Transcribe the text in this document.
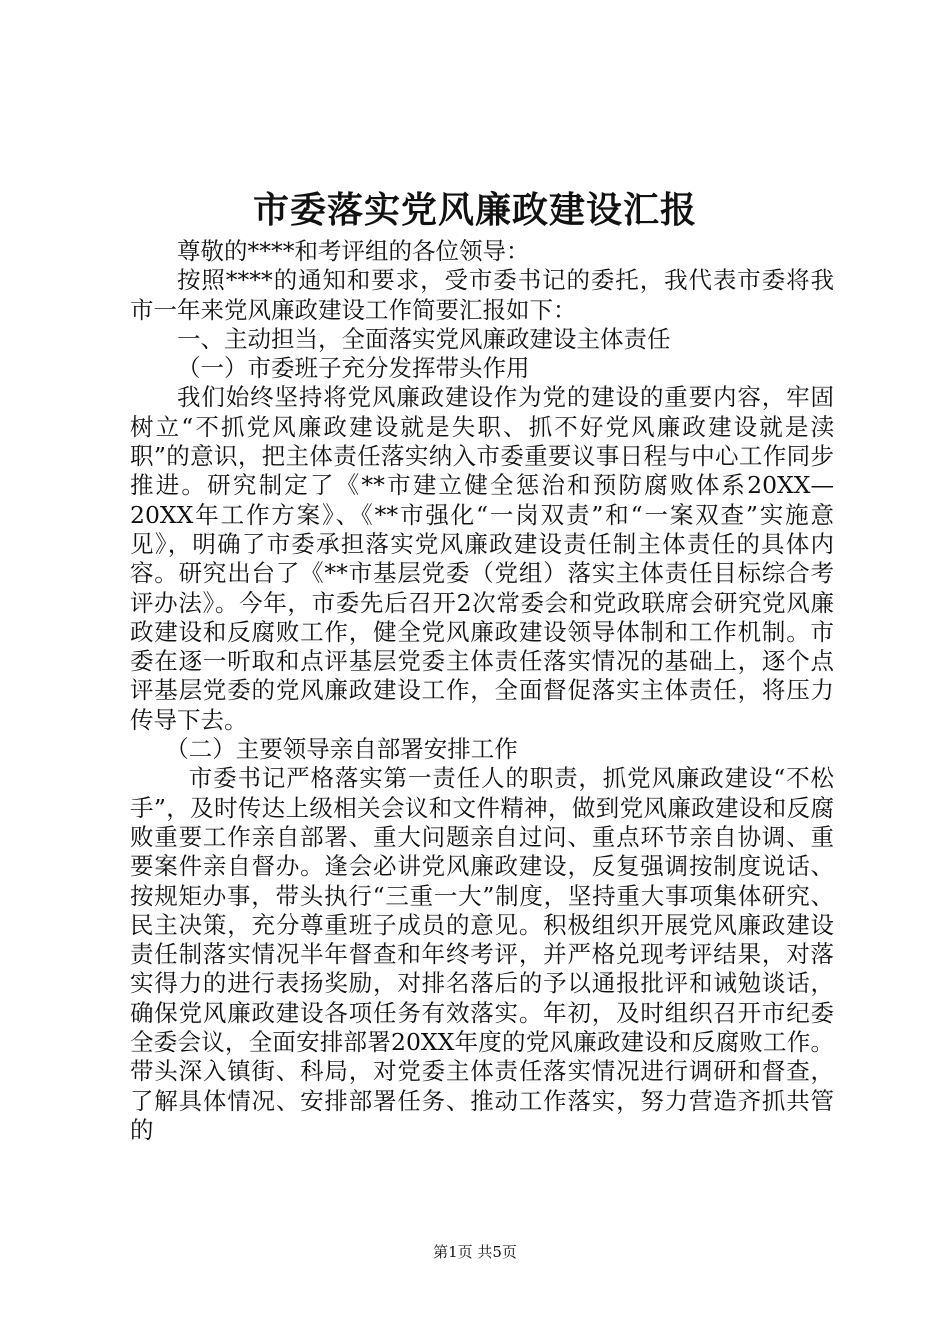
市委落实党风廉政建设汇报

尊敬的****和考评组的各位领导：

按照****的通知和要求，受市委书记的委托，我代表市委将我市一年来党风廉政建设工作简要汇报如下：

一、主动担当，全面落实党风廉政建设主体责任

（一）市委班子充分发挥带头作用

我们始终坚持将党风廉政建设作为党的建设的重要内容，牢固树立“不抓党风廉政建设就是失职、抓不好党风廉政建设就是渎职”的意识，把主体责任落实纳入市委重要议事日程与中心工作同步推进。研究制定了《**市建立健全惩治和预防腐败体系20XX—20XX年工作方案》、《**市强化“一岗双责”和“一案双查”实施意见》，明确了市委承担落实党风廉政建设责任制主体责任的具体内容。研究出台了《**市基层党委（党组）落实主体责任目标综合考评办法》。今年，市委先后召开2次常委会和党政联席会研究党风廉政建设和反腐败工作，健全党风廉政建设领导体制和工作机制。市委在逐一听取和点评基层党委主体责任落实情况的基础上，逐个点评基层党委的党风廉政建设工作，全面督促落实主体责任，将压力传导下去。

（二）主要领导亲自部署安排工作

市委书记严格落实第一责任人的职责，抓党风廉政建设“不松手”，及时传达上级相关会议和文件精神，做到党风廉政建设和反腐败重要工作亲自部署、重大问题亲自过问、重点环节亲自协调、重要案件亲自督办。逢会必讲党风廉政建设，反复强调按制度说话、按规矩办事，带头执行“三重一大”制度，坚持重大事项集体研究、民主决策，充分尊重班子成员的意见。积极组织开展党风廉政建设责任制落实情况半年督查和年终考评，并严格兑现考评结果，对落实得力的进行表扬奖励，对排名落后的予以通报批评和诫勉谈话，确保党风廉政建设各项任务有效落实。年初，及时组织召开市纪委全委会议，全面安排部署20XX年度的党风廉政建设和反腐败工作。带头深入镇街、科局，对党委主体责任落实情况进行调研和督查，了解具体情况、安排部署任务、推动工作落实，努力营造齐抓共管的

第1页 共5页
